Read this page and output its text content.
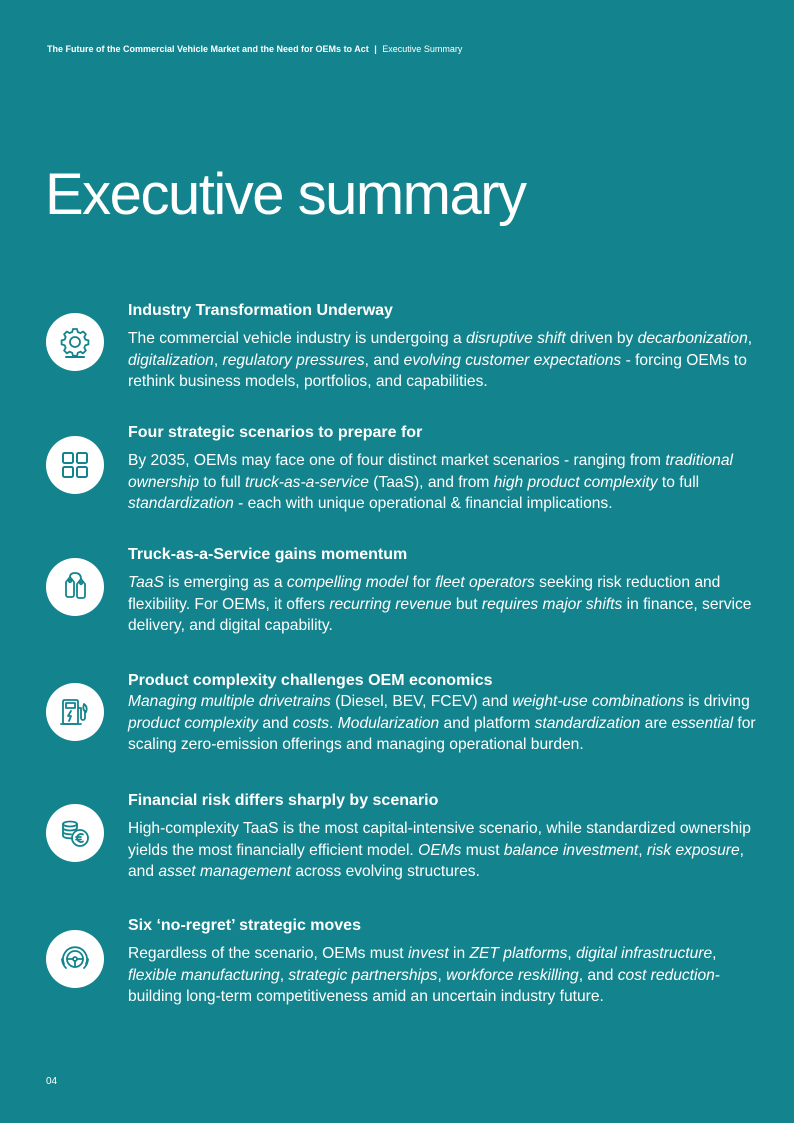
The Future of the Commercial Vehicle Market and the Need for OEMs to Act | Executive Summary
Executive summary
Industry Transformation Underway

The commercial vehicle industry is undergoing a disruptive shift driven by decarbonization, digitalization, regulatory pressures, and evolving customer expectations - forcing OEMs to rethink business models, portfolios, and capabilities.

Four strategic scenarios to prepare for

By 2035, OEMs may face one of four distinct market scenarios - ranging from traditional ownership to full truck-as-a-service (TaaS), and from high product complexity to full standardization - each with unique operational & financial implications.

Truck-as-a-Service gains momentum

TaaS is emerging as a compelling model for fleet operators seeking risk reduction and flexibility. For OEMs, it offers recurring revenue but requires major shifts in finance, service delivery, and digital capability.

Product complexity challenges OEM economics

Managing multiple drivetrains (Diesel, BEV, FCEV) and weight-use combinations is driving product complexity and costs. Modularization and platform standardization are essential for scaling zero-emission offerings and managing operational burden.

Financial risk differs sharply by scenario

High-complexity TaaS is the most capital-intensive scenario, while standardized ownership yields the most financially efficient model. OEMs must balance investment, risk exposure, and asset management across evolving structures.

Six ‘no-regret’ strategic moves

Regardless of the scenario, OEMs must invest in ZET platforms, digital infrastructure, flexible manufacturing, strategic partnerships, workforce reskilling, and cost reduction-building long-term competitiveness amid an uncertain industry future.

04
